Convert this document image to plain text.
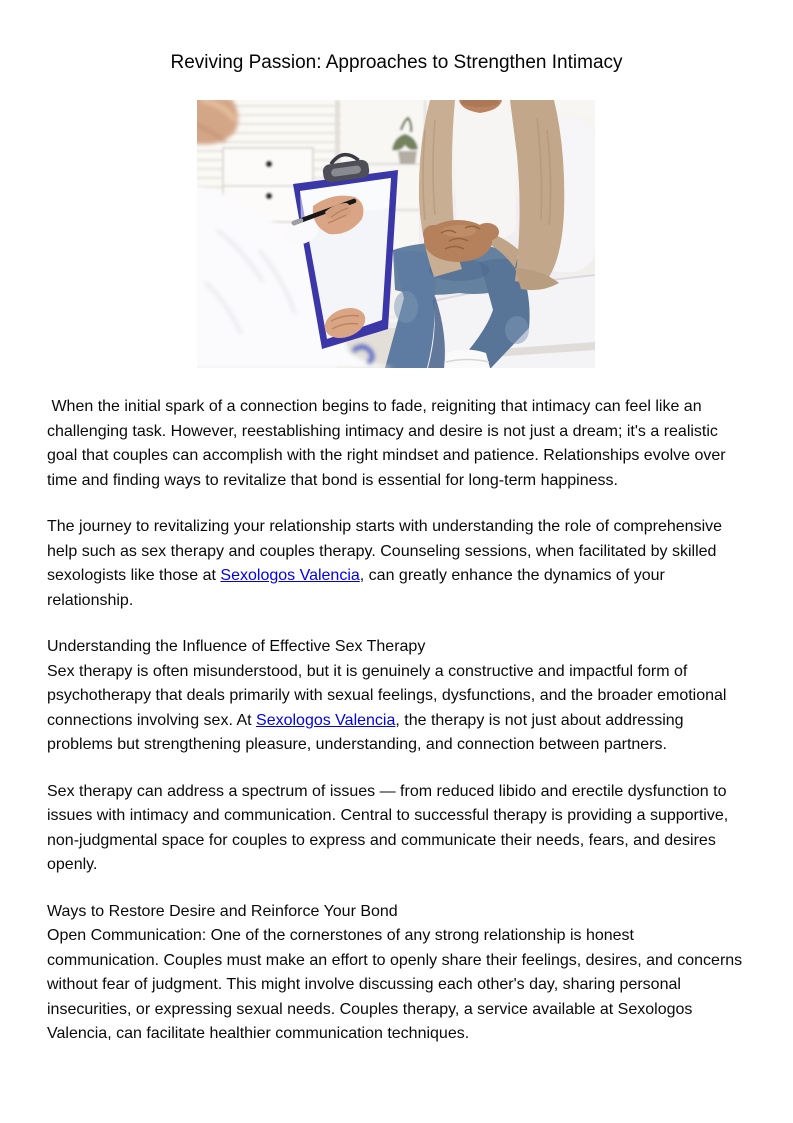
Reviving Passion: Approaches to Strengthen Intimacy

When the initial spark of a connection begins to fade, reigniting that intimacy can feel like an challenging task. However, reestablishing intimacy and desire is not just a dream; it's a realistic goal that couples can accomplish with the right mindset and patience. Relationships evolve over time and finding ways to revitalize that bond is essential for long-term happiness.

The journey to revitalizing your relationship starts with understanding the role of comprehensive help such as sex therapy and couples therapy. Counseling sessions, when facilitated by skilled sexologists like those at Sexologos Valencia, can greatly enhance the dynamics of your relationship.

Understanding the Influence of Effective Sex Therapy
Sex therapy is often misunderstood, but it is genuinely a constructive and impactful form of psychotherapy that deals primarily with sexual feelings, dysfunctions, and the broader emotional connections involving sex. At Sexologos Valencia, the therapy is not just about addressing problems but strengthening pleasure, understanding, and connection between partners.

Sex therapy can address a spectrum of issues — from reduced libido and erectile dysfunction to issues with intimacy and communication. Central to successful therapy is providing a supportive, non-judgmental space for couples to express and communicate their needs, fears, and desires openly.

Ways to Restore Desire and Reinforce Your Bond
Open Communication: One of the cornerstones of any strong relationship is honest communication. Couples must make an effort to openly share their feelings, desires, and concerns without fear of judgment. This might involve discussing each other's day, sharing personal insecurities, or expressing sexual needs. Couples therapy, a service available at Sexologos Valencia, can facilitate healthier communication techniques.
